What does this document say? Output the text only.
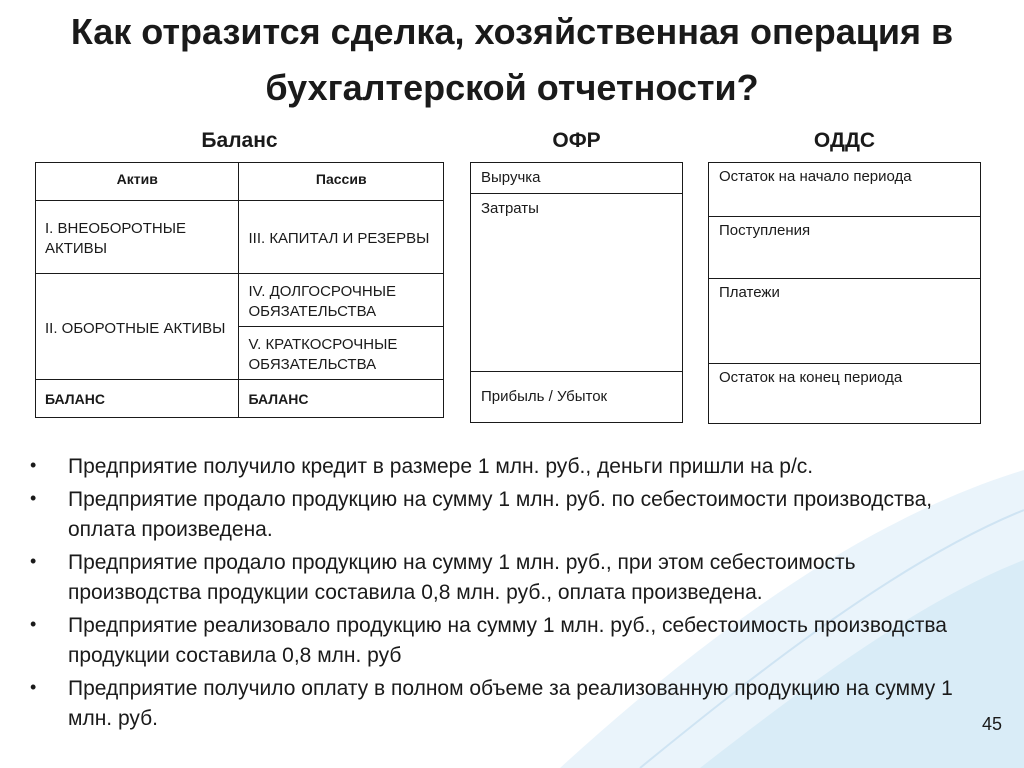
Как отразится сделка, хозяйственная операция в бухгалтерской отчетности?
Баланс	ОФР	ОДДС
Актив	Пассив
I. ВНЕОБОРОТНЫЕ АКТИВЫ	III. КАПИТАЛ И РЕЗЕРВЫ
II. ОБОРОТНЫЕ АКТИВЫ	IV. ДОЛГОСРОЧНЫЕ ОБЯЗАТЕЛЬСТВА
	V. КРАТКОСРОЧНЫЕ ОБЯЗАТЕЛЬСТВА
БАЛАНС	БАЛАНС
Выручка
Затраты
Прибыль / Убыток
Остаток на начало периода
Поступления
Платежи
Остаток на конец периода
•	Предприятие получило кредит в размере 1 млн. руб., деньги пришли на р/с.
•	Предприятие продало продукцию на сумму 1 млн. руб. по себестоимости производства, оплата произведена.
•	Предприятие продало продукцию на сумму 1 млн. руб., при этом себестоимость производства продукции составила 0,8 млн. руб., оплата произведена.
•	Предприятие реализовало продукцию на сумму 1 млн. руб., себестоимость производства продукции составила 0,8 млн. руб
•	Предприятие получило оплату в полном объеме за реализованную продукцию на сумму 1 млн. руб.	45
